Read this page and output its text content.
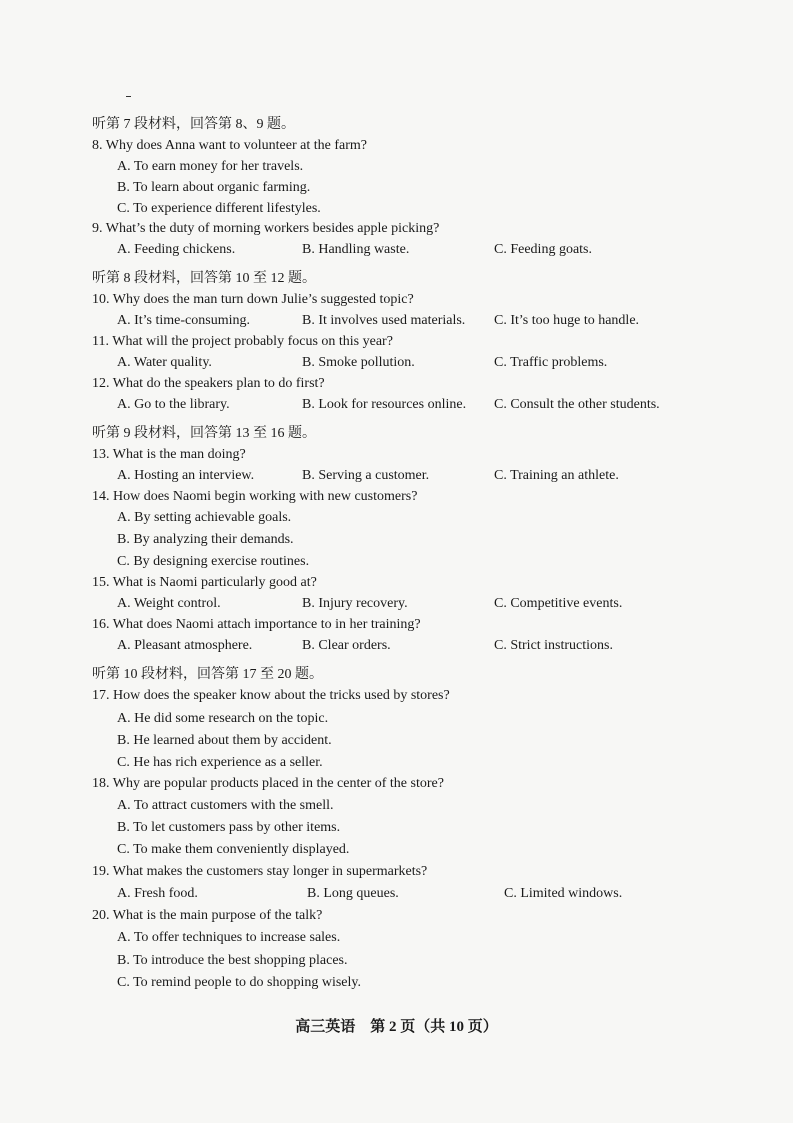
听第 7 段材料，回答第 8、9 题。
8. Why does Anna want to volunteer at the farm?
A. To earn money for her travels.
B. To learn about organic farming.
C. To experience different lifestyles.
9. What’s the duty of morning workers besides apple picking?
A. Feeding chickens.	B. Handling waste.	C. Feeding goats.
听第 8 段材料，回答第 10 至 12 题。
10. Why does the man turn down Julie’s suggested topic?
A. It’s time-consuming.	B. It involves used materials. C. It’s too huge to handle.
11. What will the project probably focus on this year?
A. Water quality.	B. Smoke pollution.	C. Traffic problems.
12. What do the speakers plan to do first?
A. Go to the library.	B. Look for resources online. C. Consult the other students.
听第 9 段材料，回答第 13 至 16 题。
13. What is the man doing?
A. Hosting an interview.	B. Serving a customer.	C. Training an athlete.
14. How does Naomi begin working with new customers?
A. By setting achievable goals.
B. By analyzing their demands.
C. By designing exercise routines.
15. What is Naomi particularly good at?
A. Weight control.	B. Injury recovery.	C. Competitive events.
16. What does Naomi attach importance to in her training?
A. Pleasant atmosphere.	B. Clear orders.	C. Strict instructions.
听第 10 段材料，回答第 17 至 20 题。
17. How does the speaker know about the tricks used by stores?
A. He did some research on the topic.
B. He learned about them by accident.
C. He has rich experience as a seller.
18. Why are popular products placed in the center of the store?
A. To attract customers with the smell.
B. To let customers pass by other items.
C. To make them conveniently displayed.
19. What makes the customers stay longer in supermarkets?
A. Fresh food.	B. Long queues.	C. Limited windows.
20. What is the main purpose of the talk?
A. To offer techniques to increase sales.
B. To introduce the best shopping places.
C. To remind people to do shopping wisely.
高三英语　第 2 页（共 10 页）
